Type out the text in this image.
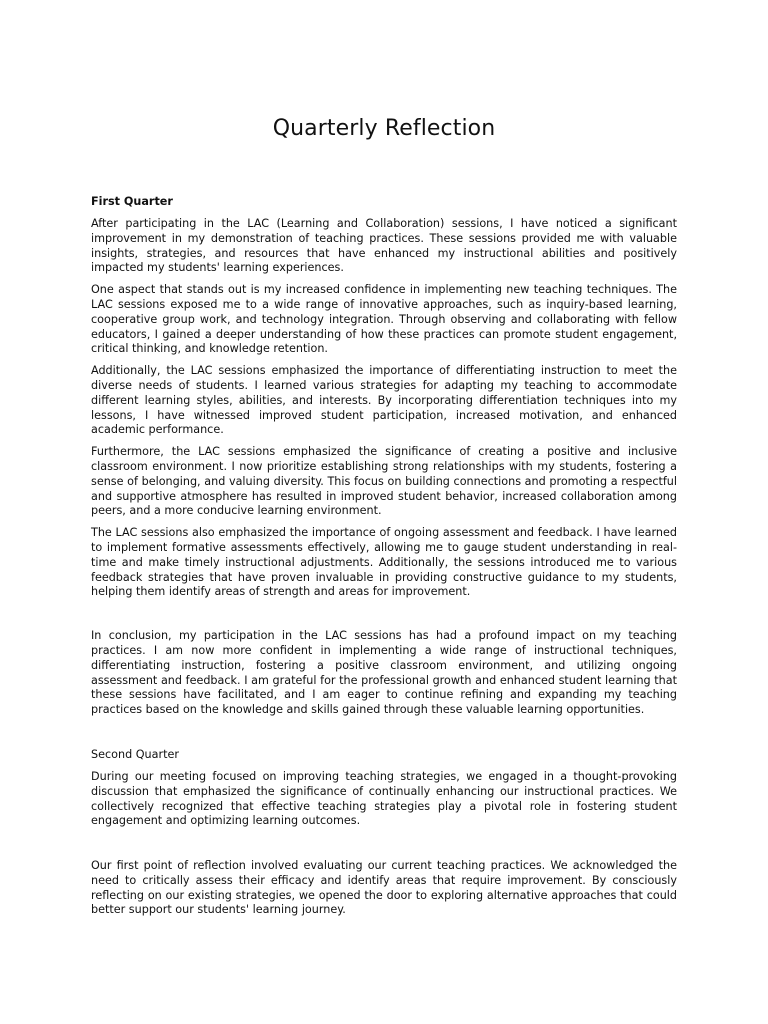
Quarterly Reflection
First Quarter

After participating in the LAC (Learning and Collaboration) sessions, I have noticed a significant improvement in my demonstration of teaching practices. These sessions provided me with valuable insights, strategies, and resources that have enhanced my instructional abilities and positively impacted my students' learning experiences.

One aspect that stands out is my increased confidence in implementing new teaching techniques. The LAC sessions exposed me to a wide range of innovative approaches, such as inquiry-based learning, cooperative group work, and technology integration. Through observing and collaborating with fellow educators, I gained a deeper understanding of how these practices can promote student engagement, critical thinking, and knowledge retention.

Additionally, the LAC sessions emphasized the importance of differentiating instruction to meet the diverse needs of students. I learned various strategies for adapting my teaching to accommodate different learning styles, abilities, and interests. By incorporating differentiation techniques into my lessons, I have witnessed improved student participation, increased motivation, and enhanced academic performance.

Furthermore, the LAC sessions emphasized the significance of creating a positive and inclusive classroom environment. I now prioritize establishing strong relationships with my students, fostering a sense of belonging, and valuing diversity. This focus on building connections and promoting a respectful and supportive atmosphere has resulted in improved student behavior, increased collaboration among peers, and a more conducive learning environment.

The LAC sessions also emphasized the importance of ongoing assessment and feedback. I have learned to implement formative assessments effectively, allowing me to gauge student understanding in real-time and make timely instructional adjustments. Additionally, the sessions introduced me to various feedback strategies that have proven invaluable in providing constructive guidance to my students, helping them identify areas of strength and areas for improvement.

In conclusion, my participation in the LAC sessions has had a profound impact on my teaching practices. I am now more confident in implementing a wide range of instructional techniques, differentiating instruction, fostering a positive classroom environment, and utilizing ongoing assessment and feedback. I am grateful for the professional growth and enhanced student learning that these sessions have facilitated, and I am eager to continue refining and expanding my teaching practices based on the knowledge and skills gained through these valuable learning opportunities.

Second Quarter

During our meeting focused on improving teaching strategies, we engaged in a thought-provoking discussion that emphasized the significance of continually enhancing our instructional practices. We collectively recognized that effective teaching strategies play a pivotal role in fostering student engagement and optimizing learning outcomes.

Our first point of reflection involved evaluating our current teaching practices. We acknowledged the need to critically assess their efficacy and identify areas that require improvement. By consciously reflecting on our existing strategies, we opened the door to exploring alternative approaches that could better support our students' learning journey.
